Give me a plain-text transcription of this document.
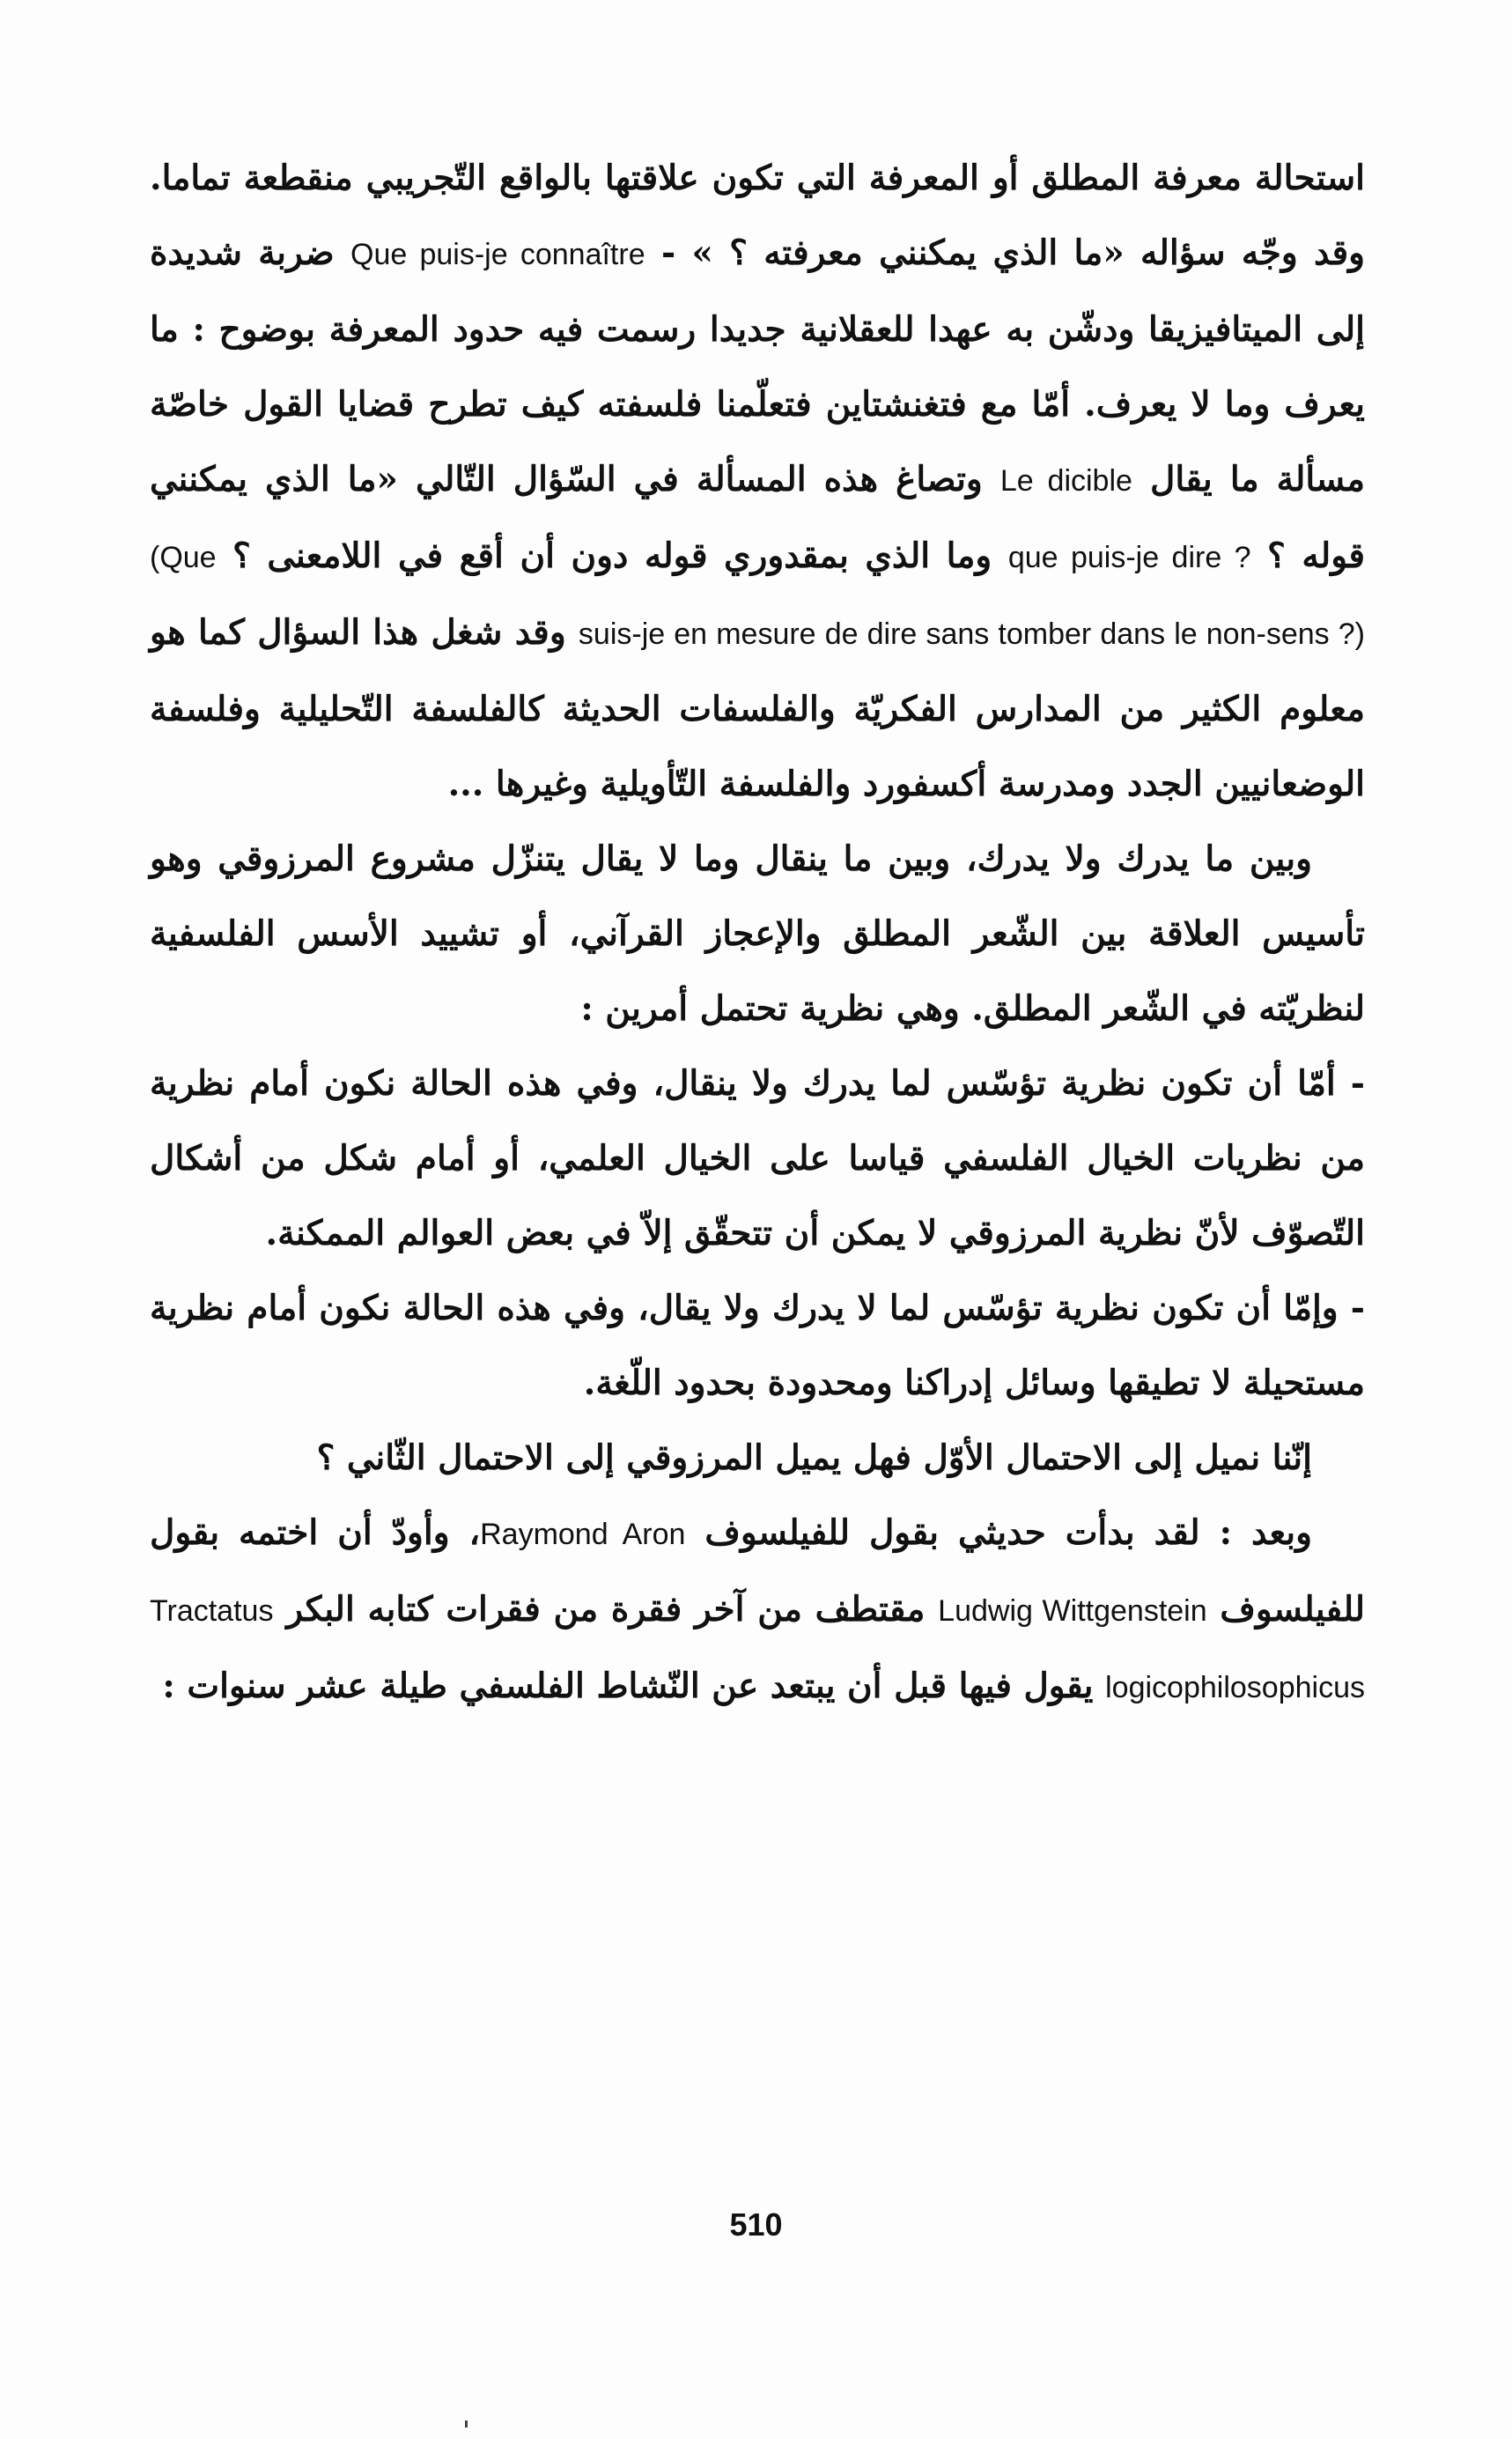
استحالة معرفة المطلق أو المعرفة التي تكون علاقتها بالواقع التّجريبي منقطعة تماما. وقد وجّه سؤاله «ما الذي يمكنني معرفته ؟ » - Que puis-je connaître ضربة شديدة إلى الميتافيزيقا ودشّن به عهدا للعقلانية جديدا رسمت فيه حدود المعرفة بوضوح : ما يعرف وما لا يعرف. أمّا مع فتغنشتاين فتعلّمنا فلسفته كيف تطرح قضايا القول خاصّة مسألة ما يقال Le dicible وتصاغ هذه المسألة في السّؤال التّالي «ما الذي يمكنني قوله ؟ que puis-je dire ? وما الذي بمقدوري قوله دون أن أقع في اللامعنى ؟ (Que suis-je en mesure de dire sans tomber dans le non-sens ?) وقد شغل هذا السؤال كما هو معلوم الكثير من المدارس الفكريّة والفلسفات الحديثة كالفلسفة التّحليلية وفلسفة الوضعانيين الجدد ومدرسة أكسفورد والفلسفة التّأويلية وغيرها ...

وبين ما يدرك ولا يدرك، وبين ما ينقال وما لا يقال يتنزّل مشروع المرزوقي وهو تأسيس العلاقة بين الشّعر المطلق والإعجاز القرآني، أو تشييد الأسس الفلسفية لنظريّته في الشّعر المطلق. وهي نظرية تحتمل أمرين :

- أمّا أن تكون نظرية تؤسّس لما يدرك ولا ينقال، وفي هذه الحالة نكون أمام نظرية من نظريات الخيال الفلسفي قياسا على الخيال العلمي، أو أمام شكل من أشكال التّصوّف لأنّ نظرية المرزوقي لا يمكن أن تتحقّق إلاّ في بعض العوالم الممكنة.

- وإمّا أن تكون نظرية تؤسّس لما لا يدرك ولا يقال، وفي هذه الحالة نكون أمام نظرية مستحيلة لا تطيقها وسائل إدراكنا ومحدودة بحدود اللّغة.

إنّنا نميل إلى الاحتمال الأوّل فهل يميل المرزوقي إلى الاحتمال الثّاني ؟

وبعد : لقد بدأت حديثي بقول للفيلسوف Raymond Aron، وأودّ أن اختمه بقول للفيلسوف Ludwig Wittgenstein مقتطف من آخر فقرة من فقرات كتابه البكر Tractatus logicophilosophicus يقول فيها قبل أن يبتعد عن النّشاط الفلسفي طيلة عشر سنوات :

510
